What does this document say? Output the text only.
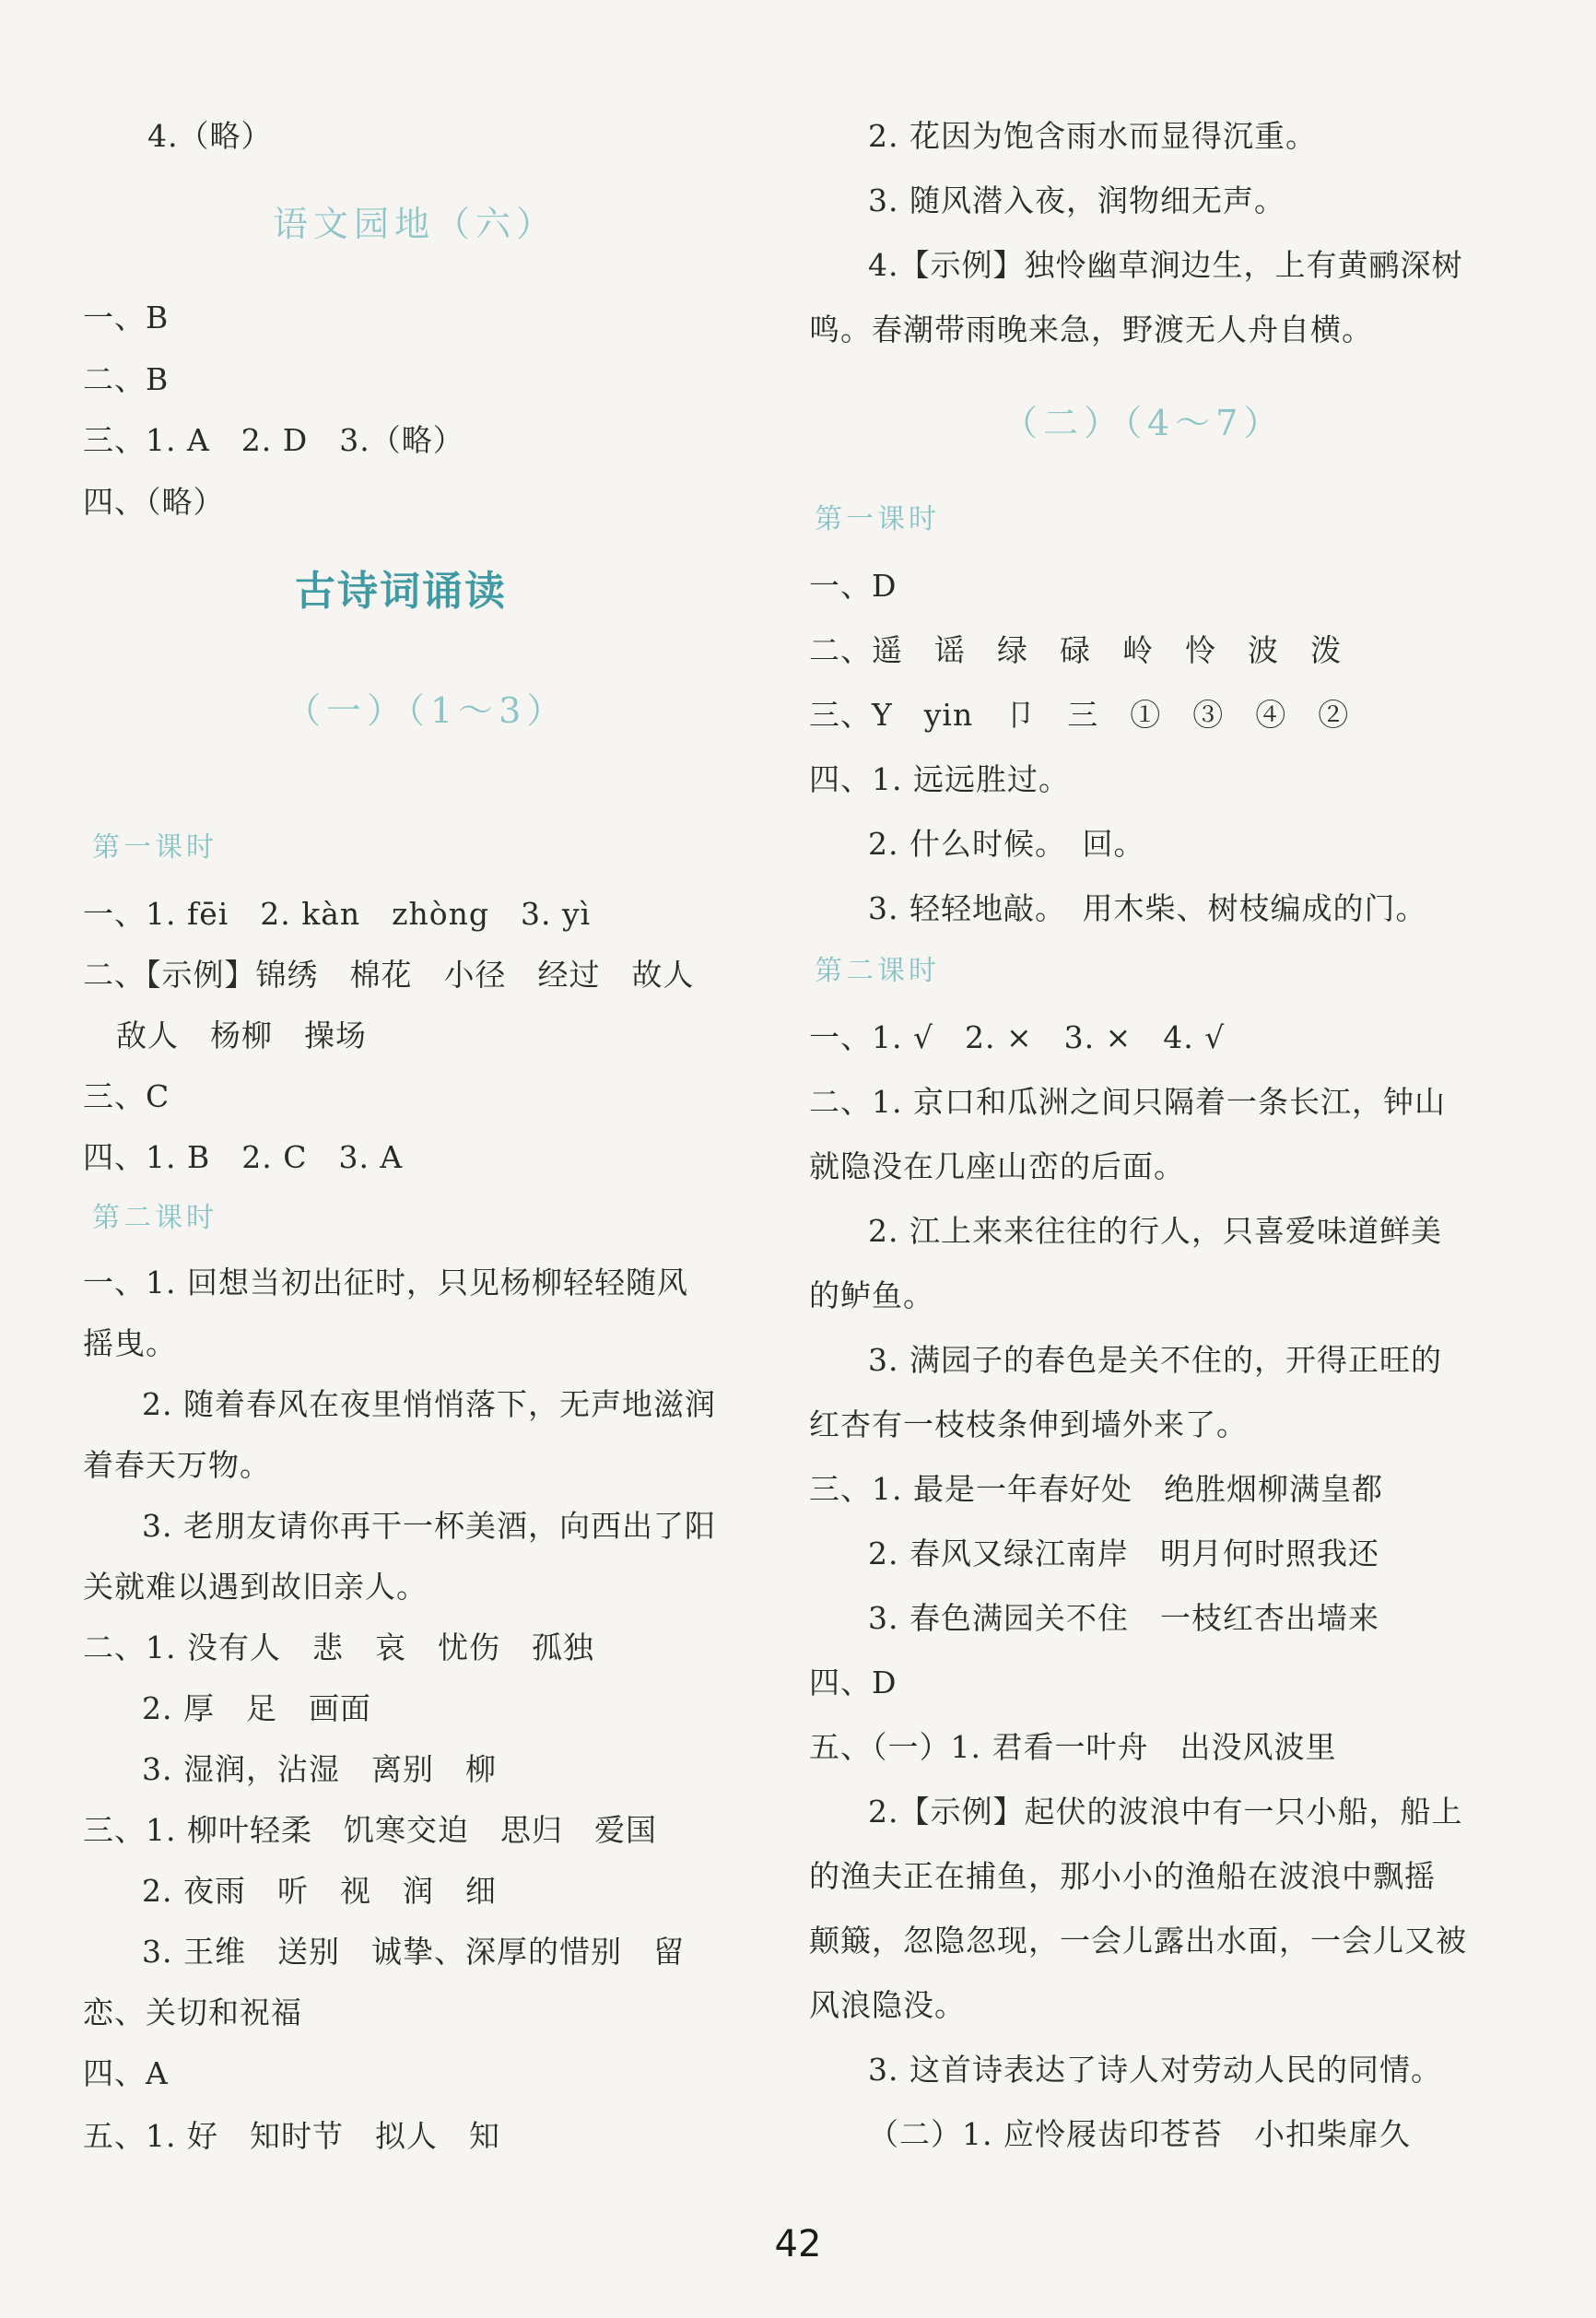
4.（略）
语文园地（六）
一、B
二、B
三、1. A　2. D　3.（略）
四、（略）
古诗词诵读
（一）（1～3）
第一课时
一、1. fēi　2. kàn　zhòng　3. yì
二、【示例】锦绣　棉花　小径　经过　故人
敌人　杨柳　操场
三、C
四、1. B　2. C　3. A
第二课时
一、1. 回想当初出征时，只见杨柳轻轻随风
摇曳。
2. 随着春风在夜里悄悄落下，无声地滋润
着春天万物。
3. 老朋友请你再干一杯美酒，向西出了阳
关就难以遇到故旧亲人。
二、1. 没有人　悲　哀　忧伤　孤独
2. 厚　足　画面
3. 湿润，沾湿　离别　柳
三、1. 柳叶轻柔　饥寒交迫　思归　爱国
2. 夜雨　听　视　润　细
3. 王维　送别　诚挚、深厚的惜别　留
恋、关切和祝福
四、A
五、1. 好　知时节　拟人　知
2. 花因为饱含雨水而显得沉重。
3. 随风潜入夜，润物细无声。
4.【示例】独怜幽草涧边生，上有黄鹂深树
鸣。春潮带雨晚来急，野渡无人舟自横。
（二）（4～7）
第一课时
一、D
二、遥　谣　绿　碌　岭　怜　波　泼
三、Y　yin　卩　三　①　③　④　②
四、1. 远远胜过。
2. 什么时候。　回。
3. 轻轻地敲。　用木柴、树枝编成的门。
第二课时
一、1. √　2. ×　3. ×　4. √
二、1. 京口和瓜洲之间只隔着一条长江，钟山
就隐没在几座山峦的后面。
2. 江上来来往往的行人，只喜爱味道鲜美
的鲈鱼。
3. 满园子的春色是关不住的，开得正旺的
红杏有一枝枝条伸到墙外来了。
三、1. 最是一年春好处　绝胜烟柳满皇都
2. 春风又绿江南岸　明月何时照我还
3. 春色满园关不住　一枝红杏出墙来
四、D
五、（一）1. 君看一叶舟　出没风波里
2.【示例】起伏的波浪中有一只小船，船上
的渔夫正在捕鱼，那小小的渔船在波浪中飘摇
颠簸，忽隐忽现，一会儿露出水面，一会儿又被
风浪隐没。
3. 这首诗表达了诗人对劳动人民的同情。
（二）1. 应怜屐齿印苍苔　小扣柴扉久
42
